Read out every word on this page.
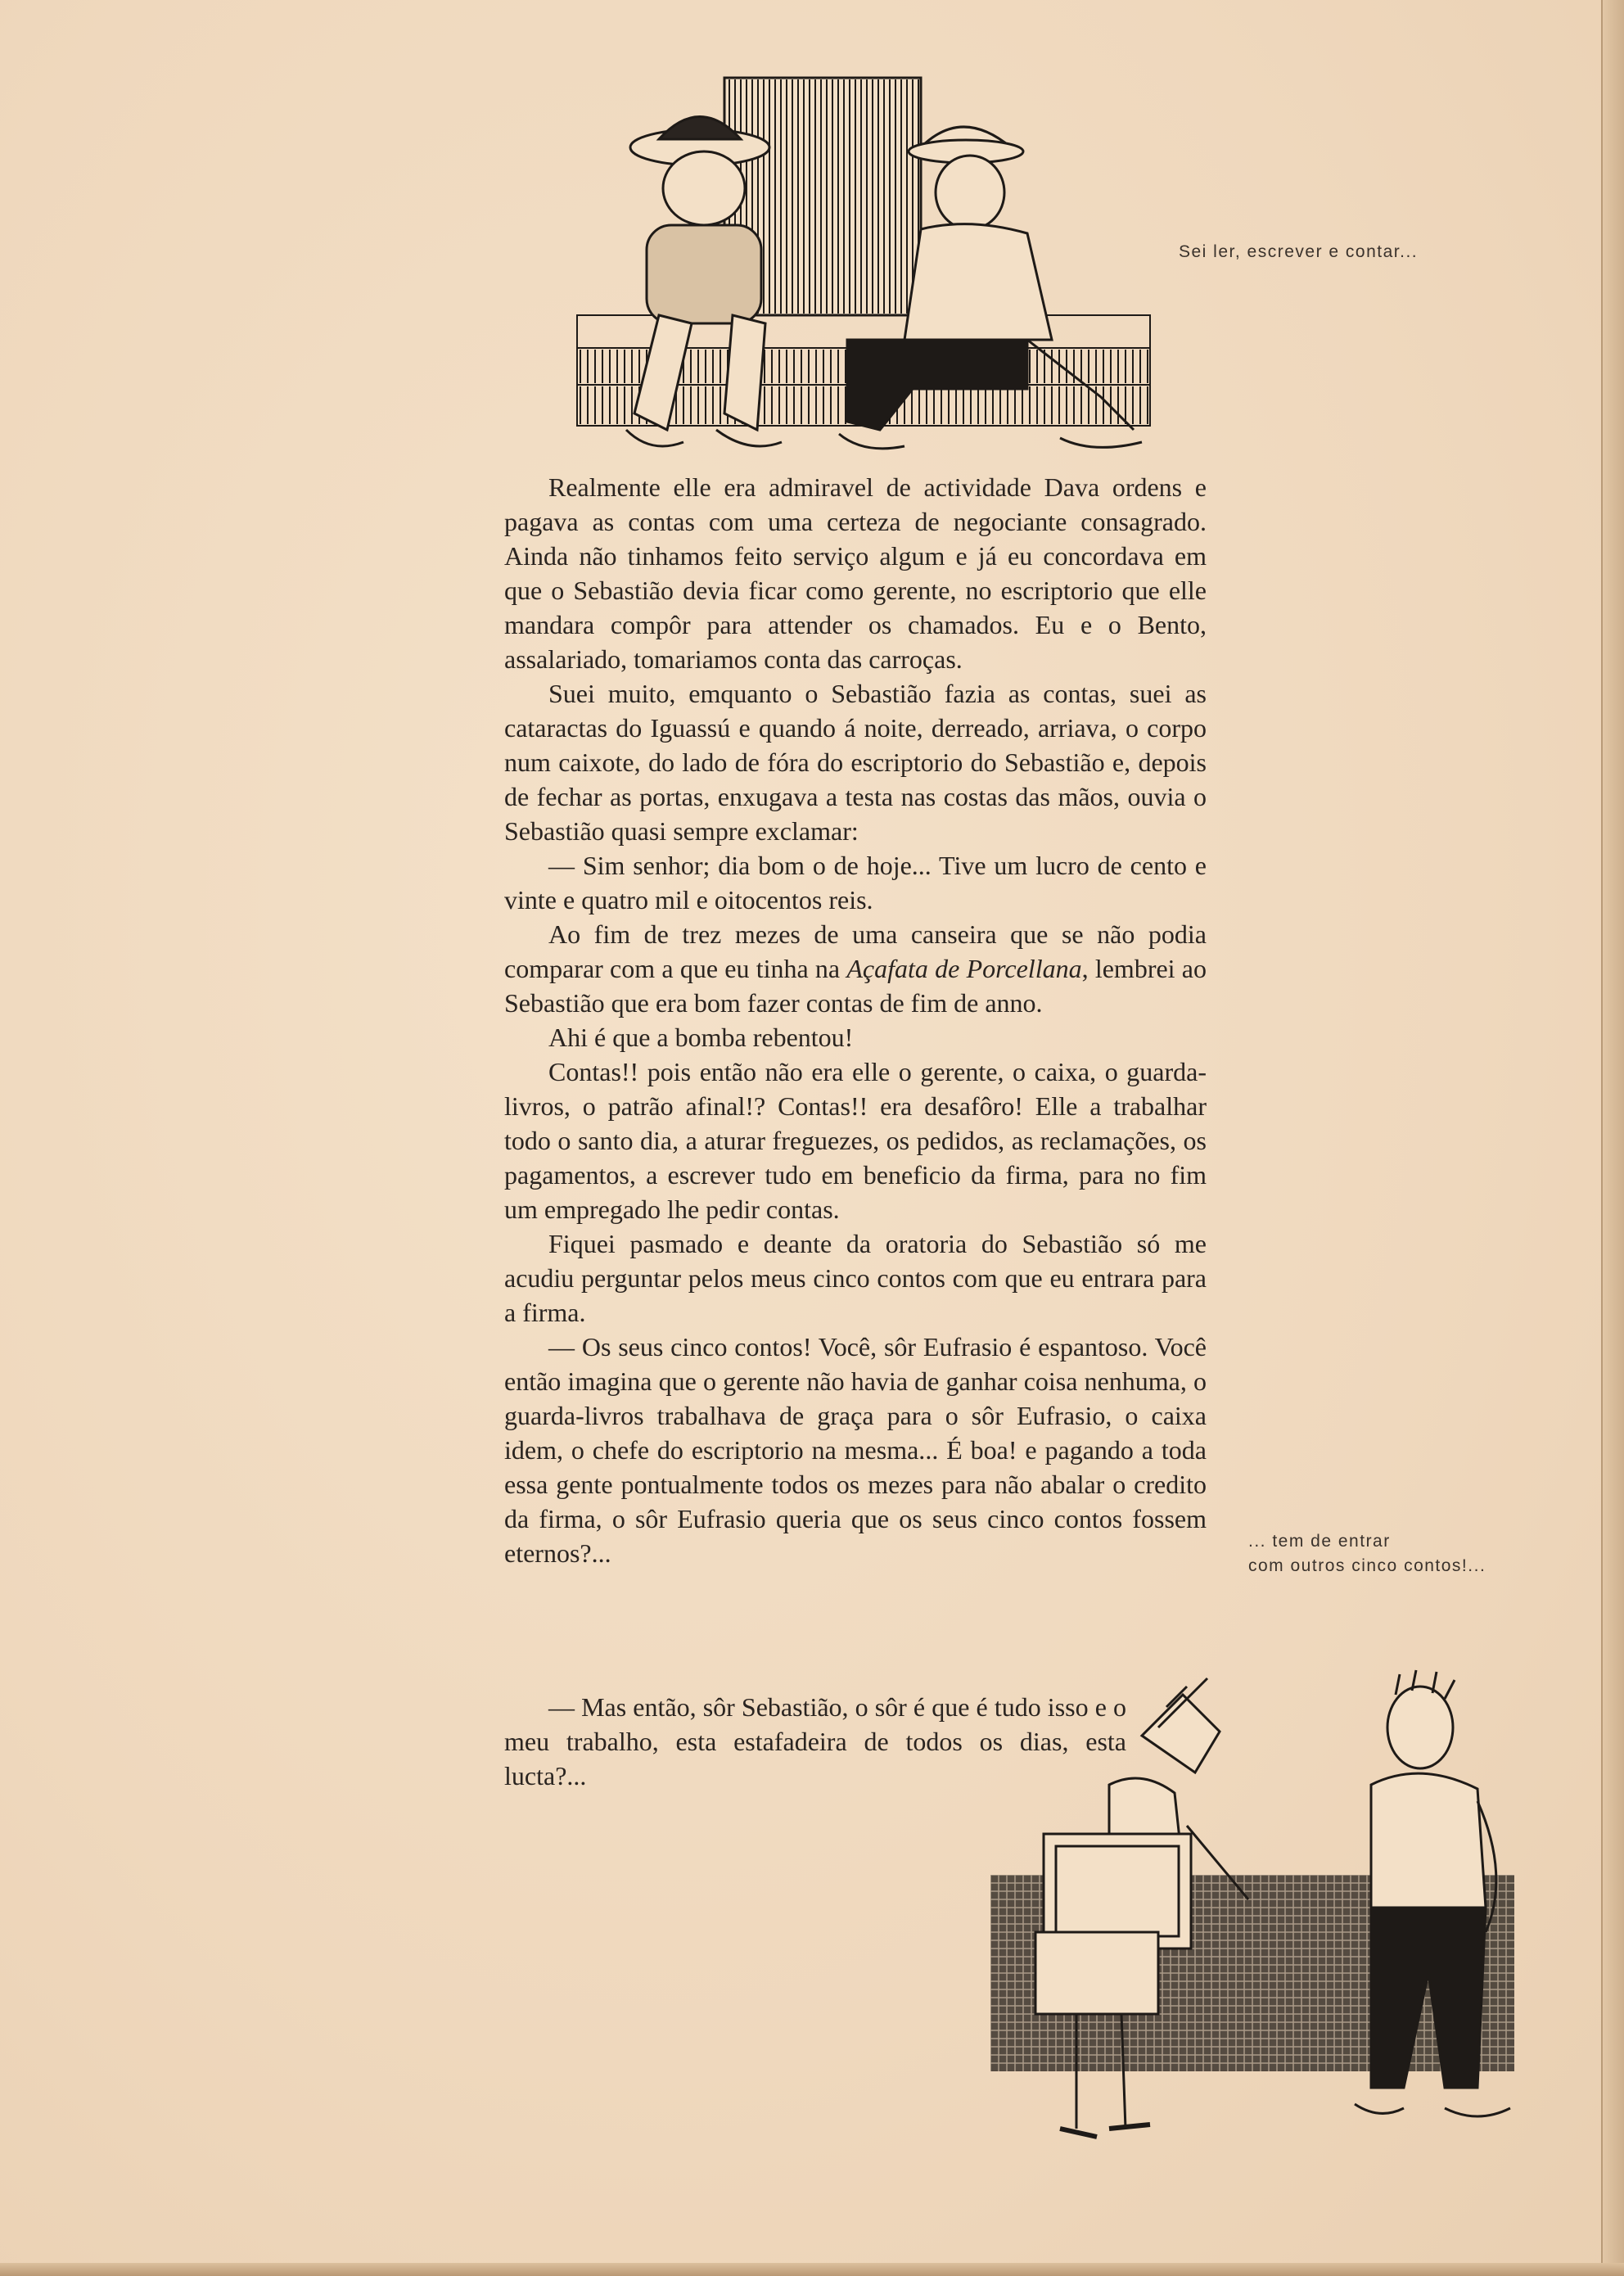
Sei ler, escrever e contar...

Realmente elle era admiravel de actividade Dava ordens e pagava as contas com uma certeza de negociante consagrado. Ainda não tinhamos feito serviço algum e já eu concordava em que o Sebastião devia ficar como gerente, no escriptorio que elle mandara compôr para attender os chamados. Eu e o Bento, assalariado, tomariamos conta das carroças.

Suei muito, emquanto o Sebastião fazia as contas, suei as cataractas do Iguassú e quando á noite, derreado, arriava, o corpo num caixote, do lado de fóra do escriptorio do Sebastião e, depois de fechar as portas, enxugava a testa nas costas das mãos, ouvia o Sebastião quasi sempre exclamar:

— Sim senhor; dia bom o de hoje... Tive um lucro de cento e vinte e quatro mil e oitocentos reis.

Ao fim de trez mezes de uma canseira que se não podia comparar com a que eu tinha na Açafata de Porcellana, lembrei ao Sebastião que era bom fazer contas de fim de anno.

Ahi é que a bomba rebentou!

Contas!! pois então não era elle o gerente, o caixa, o guarda-livros, o patrão afinal!? Contas!! era desafôro! Elle a trabalhar todo o santo dia, a aturar freguezes, os pedidos, as reclamações, os pagamentos, a escrever tudo em beneficio da firma, para no fim um empregado lhe pedir contas.

Fiquei pasmado e deante da oratoria do Sebastião só me acudiu perguntar pelos meus cinco contos com que eu entrara para a firma.

— Os seus cinco contos! Você, sôr Eufrasio é espantoso. Você então imagina que o gerente não havia de ganhar coisa nenhuma, o guarda-livros trabalhava de graça para o sôr Eufrasio, o caixa idem, o chefe do escriptorio na mesma... É boa! e pagando a toda essa gente pontualmente todos os mezes para não abalar o credito da firma, o sôr Eufrasio queria que os seus cinco contos fossem eternos?...

— Mas então, sôr Sebastião, o sôr é que é tudo isso e o meu trabalho, esta estafadeira de todos os dias, esta lucta?...

... tem de entrar
com outros cinco contos!...
